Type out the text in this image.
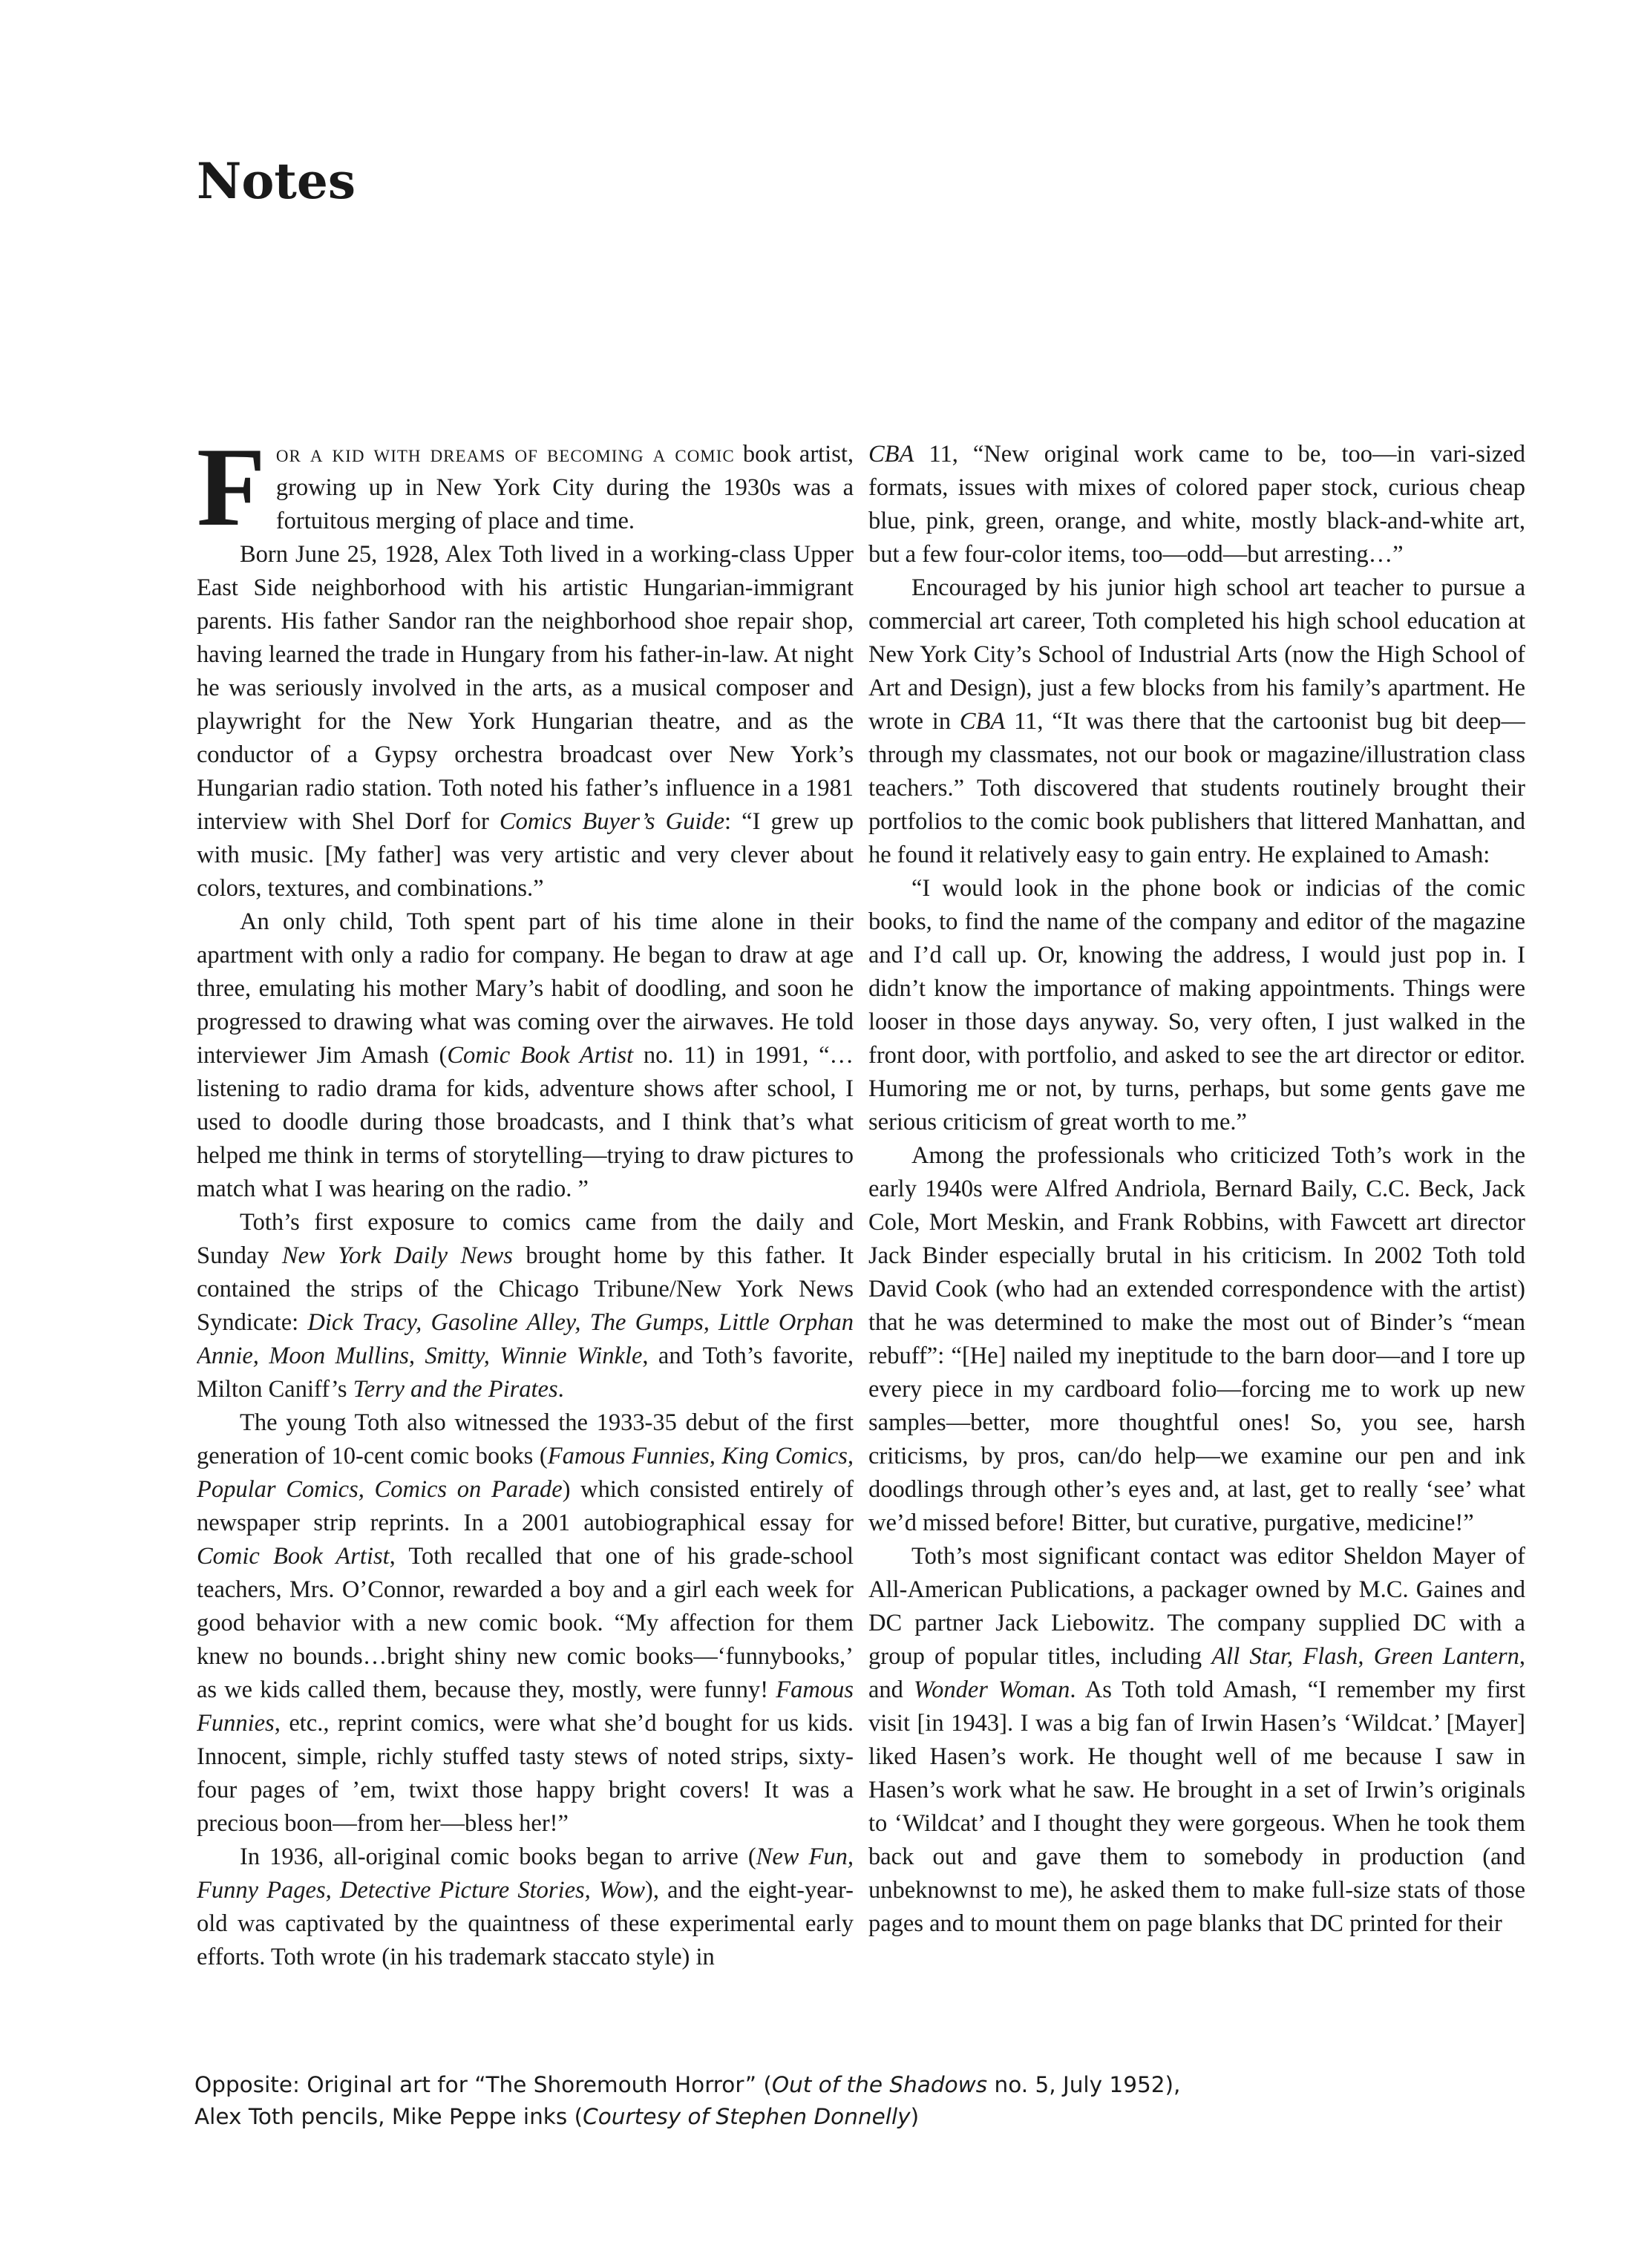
Notes

For a kid with dreams of becoming a comic book artist, growing up in New York City during the 1930s was a fortuitous merging of place and time.

Born June 25, 1928, Alex Toth lived in a working-class Upper East Side neighborhood with his artistic Hungarian-immigrant parents. His father Sandor ran the neighborhood shoe repair shop, having learned the trade in Hungary from his father-in-law. At night he was seriously involved in the arts, as a musical composer and playwright for the New York Hungarian theatre, and as the conductor of a Gypsy orchestra broadcast over New York’s Hungarian radio station. Toth noted his father’s influence in a 1981 interview with Shel Dorf for Comics Buyer’s Guide: “I grew up with music. [My father] was very artistic and very clever about colors, textures, and combinations.”

An only child, Toth spent part of his time alone in their apartment with only a radio for company. He began to draw at age three, emulating his mother Mary’s habit of doodling, and soon he progressed to drawing what was coming over the airwaves. He told interviewer Jim Amash (Comic Book Artist no. 11) in 1991, “…listening to radio drama for kids, adventure shows after school, I used to doodle during those broadcasts, and I think that’s what helped me think in terms of storytelling—trying to draw pictures to match what I was hearing on the radio. ”

Toth’s first exposure to comics came from the daily and Sunday New York Daily News brought home by this father. It contained the strips of the Chicago Tribune/New York News Syndicate: Dick Tracy, Gasoline Alley, The Gumps, Little Orphan Annie, Moon Mullins, Smitty, Winnie Winkle, and Toth’s favorite, Milton Caniff’s Terry and the Pirates.

The young Toth also witnessed the 1933-35 debut of the first generation of 10-cent comic books (Famous Funnies, King Comics, Popular Comics, Comics on Parade) which consisted entirely of newspaper strip reprints. In a 2001 autobiographical essay for Comic Book Artist, Toth recalled that one of his grade-school teachers, Mrs. O’Connor, rewarded a boy and a girl each week for good behavior with a new comic book. “My affection for them knew no bounds…bright shiny new comic books—‘funnybooks,’ as we kids called them, because they, mostly, were funny! Famous Funnies, etc., reprint comics, were what she’d bought for us kids. Innocent, simple, richly stuffed tasty stews of noted strips, sixty-four pages of ’em, twixt those happy bright covers! It was a precious boon—from her—bless her!”

In 1936, all-original comic books began to arrive (New Fun, Funny Pages, Detective Picture Stories, Wow), and the eight-year-old was captivated by the quaintness of these experimental early efforts. Toth wrote (in his trademark staccato style) in

CBA 11, “New original work came to be, too—in vari-sized formats, issues with mixes of colored paper stock, curious cheap blue, pink, green, orange, and white, mostly black-and-white art, but a few four-color items, too—odd—but arresting…”

Encouraged by his junior high school art teacher to pursue a commercial art career, Toth completed his high school education at New York City’s School of Industrial Arts (now the High School of Art and Design), just a few blocks from his family’s apartment. He wrote in CBA 11, “It was there that the cartoonist bug bit deep—through my classmates, not our book or magazine/illustration class teachers.” Toth discovered that students routinely brought their portfolios to the comic book publishers that littered Manhattan, and he found it relatively easy to gain entry. He explained to Amash:

“I would look in the phone book or indicias of the comic books, to find the name of the company and editor of the magazine and I’d call up. Or, knowing the address, I would just pop in. I didn’t know the importance of making appointments. Things were looser in those days anyway. So, very often, I just walked in the front door, with portfolio, and asked to see the art director or editor. Humoring me or not, by turns, perhaps, but some gents gave me serious criticism of great worth to me.”

Among the professionals who criticized Toth’s work in the early 1940s were Alfred Andriola, Bernard Baily, C.C. Beck, Jack Cole, Mort Meskin, and Frank Robbins, with Fawcett art director Jack Binder especially brutal in his criticism. In 2002 Toth told David Cook (who had an extended correspondence with the artist) that he was determined to make the most out of Binder’s “mean rebuff”: “[He] nailed my ineptitude to the barn door—and I tore up every piece in my cardboard folio—forcing me to work up new samples—better, more thoughtful ones! So, you see, harsh criticisms, by pros, can/do help—we examine our pen and ink doodlings through other’s eyes and, at last, get to really ‘see’ what we’d missed before! Bitter, but curative, purgative, medicine!”

Toth’s most significant contact was editor Sheldon Mayer of All-American Publications, a packager owned by M.C. Gaines and DC partner Jack Liebowitz. The company supplied DC with a group of popular titles, including All Star, Flash, Green Lantern, and Wonder Woman. As Toth told Amash, “I remember my first visit [in 1943]. I was a big fan of Irwin Hasen’s ‘Wildcat.’ [Mayer] liked Hasen’s work. He thought well of me because I saw in Hasen’s work what he saw. He brought in a set of Irwin’s originals to ‘Wildcat’ and I thought they were gorgeous. When he took them back out and gave them to somebody in production (and unbeknownst to me), he asked them to make full-size stats of those pages and to mount them on page blanks that DC printed for their

Opposite: Original art for “The Shoremouth Horror” (Out of the Shadows no. 5, July 1952),
Alex Toth pencils, Mike Peppe inks (Courtesy of Stephen Donnelly)
